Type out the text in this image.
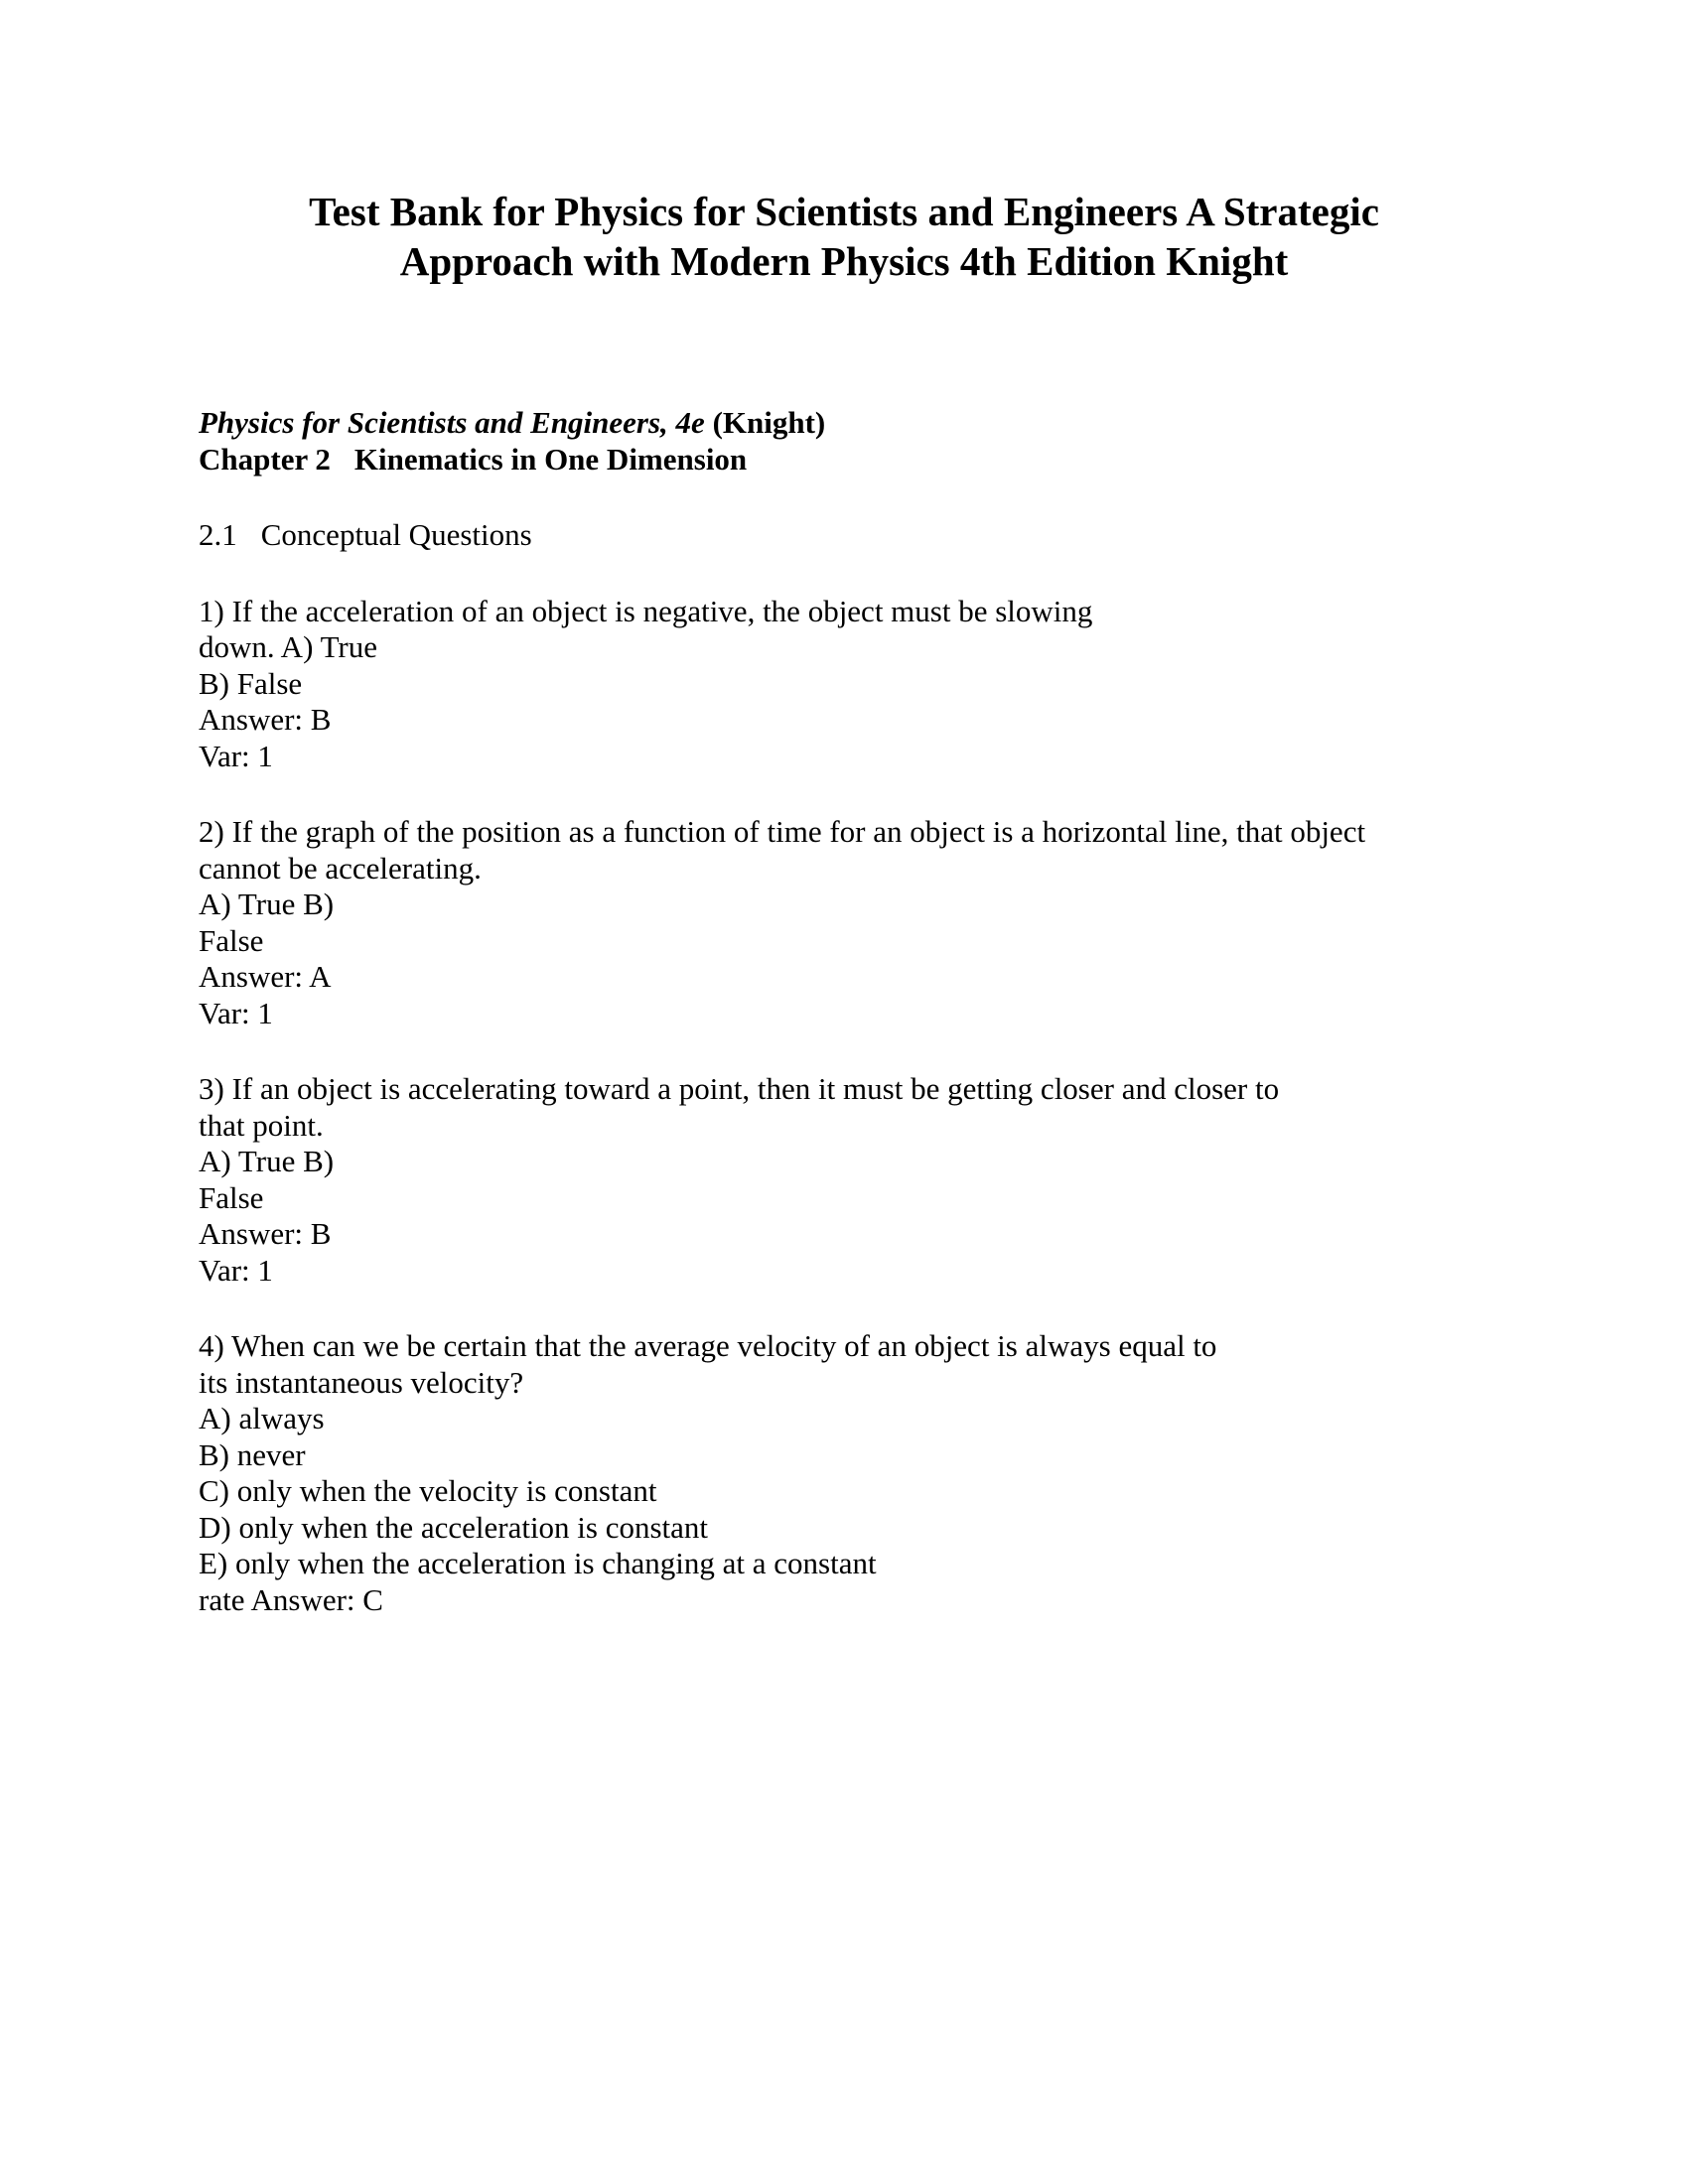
Test Bank for Physics for Scientists and Engineers A Strategic
Approach with Modern Physics 4th Edition Knight
Physics for Scientists and Engineers, 4e (Knight)
Chapter 2 Kinematics in One Dimension
2.1 Conceptual Questions
1) If the acceleration of an object is negative, the object must be slowing
down. A) True
B) False
Answer: B
Var: 1
2) If the graph of the position as a function of time for an object is a horizontal line, that object
cannot be accelerating.
A) True B)
False
Answer: A
Var: 1
3) If an object is accelerating toward a point, then it must be getting closer and closer to
that point.
A) True B)
False
Answer: B
Var: 1
4) When can we be certain that the average velocity of an object is always equal to
its instantaneous velocity?
A) always
B) never
C) only when the velocity is constant
D) only when the acceleration is constant
E) only when the acceleration is changing at a constant
rate Answer: C
